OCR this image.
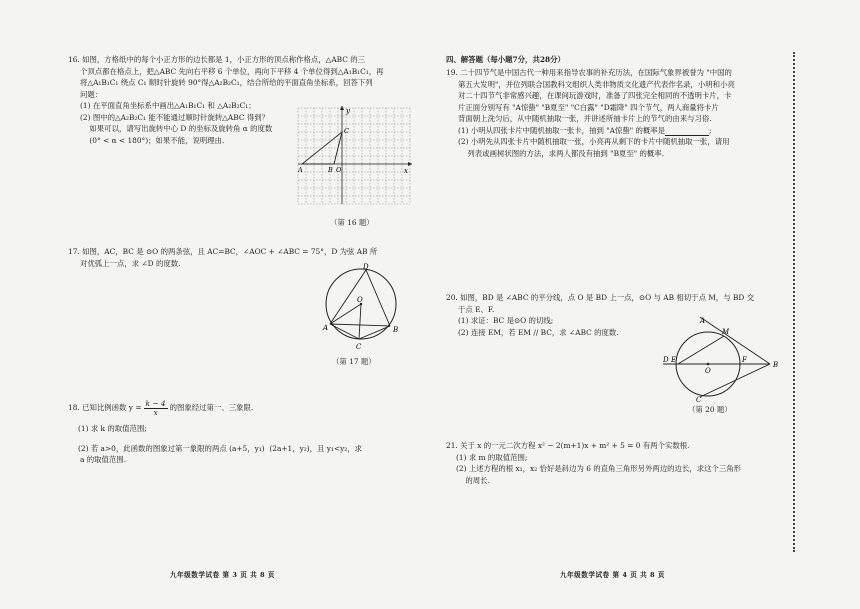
16. 如图，方格纸中的每个小正方形的边长都是 1，小正方形的顶点称作格点，△ABC 的三

个顶点都在格点上，把△ABC 先向右平移 6 个单位，再向下平移 4 个单位得到△A₁B₁C₁，再

将△A₁B₁C₁ 绕点 C₁ 顺时针旋转 90°得△A₂B₂C₁，结合所给的平面直角坐标系，回答下列

问题：

(1) 在平面直角坐标系中画出△A₁B₁C₁ 和 △A₂B₂C₁；

(2) 图中的△A₂B₂C₁ 能不能通过顺时针旋转△ABC 得到？

如果可以，请写出旋转中心 D 的坐标及旋转角 α 的度数

(0° < α < 180°)；如果不能，说明理由.

y
x
A	B O
C
（第 16 题）

17. 如图，AC，BC 是 ⊙O 的两条弦，且 AC=BC，∠AOC + ∠ABC = 75°，D 为弦 AB 所

对优弧上一点，求 ∠D 的度数.	D
O
A	B
C
（第 17 题）
18. 已知比例函数 $y = \frac{k - 4}{x}$ 的图象经过第一、三象限.

(1) 求 k 的取值范围;

(2) 若 a>0，此函数的图象过第一象限的两点 (a+5，y₁)  (2a+1，y₂)，且 y₁<y₂，求

a 的取值范围.

九年级数学试卷 第 3 页 共 8 页
四、解答题（每小题7分，共28分）

19. 二十四节气是中国古代一种用来指导农事的补充历法，在国际气象界被誉为 "中国的

第五大发明"，并位列联合国教科文组织人类非物质文化遗产代表作名录，小明和小亮

对二十四节气非常感兴趣，在课间玩游戏时，准备了四张完全相同的不透明卡片，卡

片正面分别写有 "A惊蛰" "B夏至" "C白露" "D霜降" 四个节气，两人商量将卡片

背面朝上洗匀后，从中随机抽取一张，并讲述所抽卡片上的节气的由来与习俗.

(1) 小明从四张卡片中随机抽取一张卡，抽到 "A惊蛰" 的概率是	;

(2) 小明先从四张卡片中随机抽取一张，小亮再从剩下的卡片中随机抽取一张，请用

列表或画树状图的方法，求两人都没有抽到 "B夏至" 的概率.

20. 如图，BD 是 ∠ABC 的平分线，点 O 是 BD 上一点，⊙O 与 AB 相切于点 M，与 BD 交

于点 E、F.

(1) 求证：BC 是⊙O 的切线;

(2) 连接 EM，若 EM // BC，求 ∠ABC 的度数.

A
M
D E
O
F
B
C
（第 20 题）

21. 关于 x 的一元二次方程 x² − 2(m+1)x + m² + 5 = 0 有两个实数根.

(1) 求 m 的取值范围;

(2) 上述方程的根 x₁，x₂ 恰好是斜边为 6 的直角三角形另外两边的边长，求这个三角形

的周长.

九年级数学试卷 第 4 页 共 8 页
